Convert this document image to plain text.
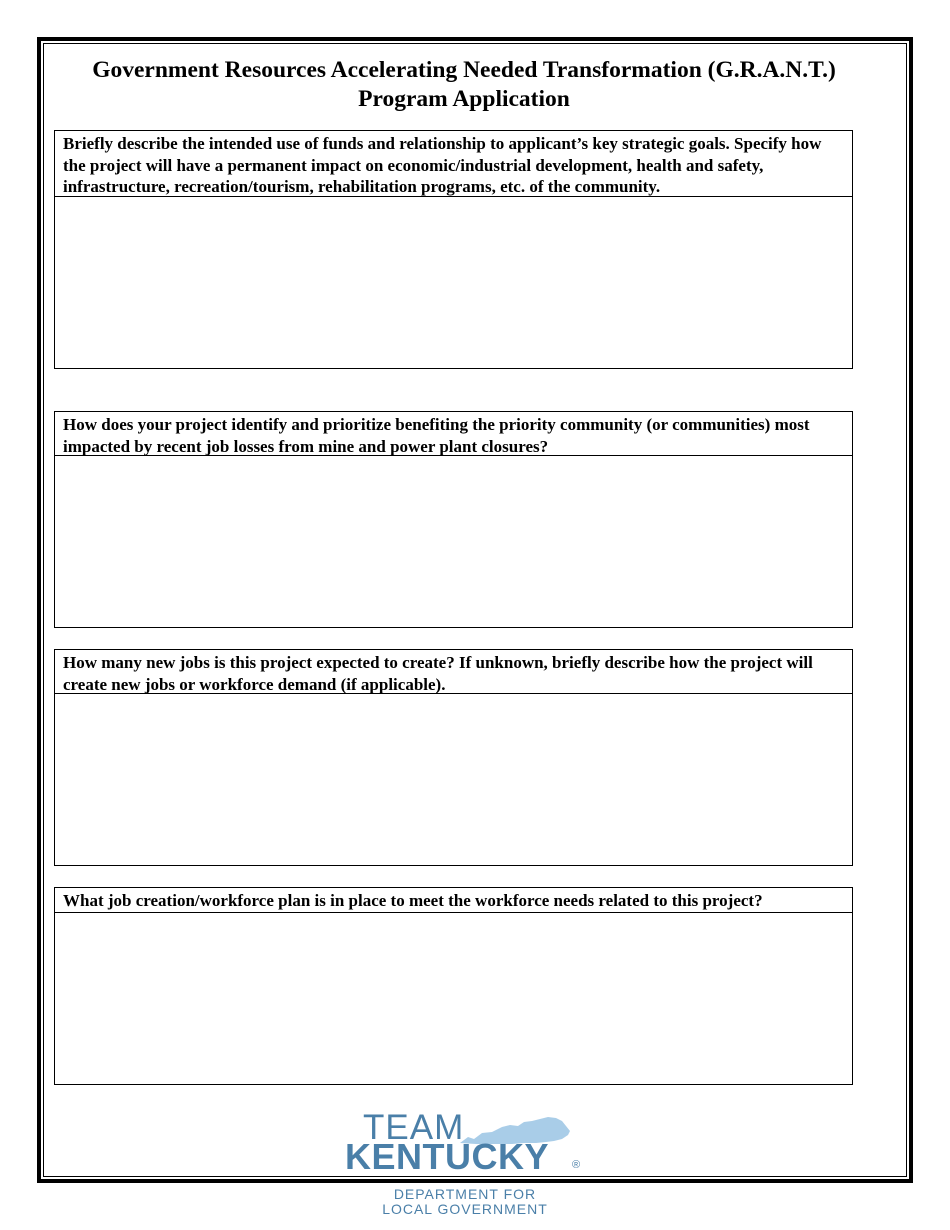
Government Resources Accelerating Needed Transformation (G.R.A.N.T.)
Program Application
Briefly describe the intended use of funds and relationship to applicant’s key strategic goals. Specify how the project will have a permanent impact on economic/industrial development, health and safety, infrastructure, recreation/tourism, rehabilitation programs, etc. of the community.
How does your project identify and prioritize benefiting the priority community (or communities) most impacted by recent job losses from mine and power plant closures?
How many new jobs is this project expected to create? If unknown, briefly describe how the project will create new jobs or workforce demand (if applicable).
What job creation/workforce plan is in place to meet the workforce needs related to this project?
TEAM
KENTUCKY ®
DEPARTMENT FOR
LOCAL GOVERNMENT
